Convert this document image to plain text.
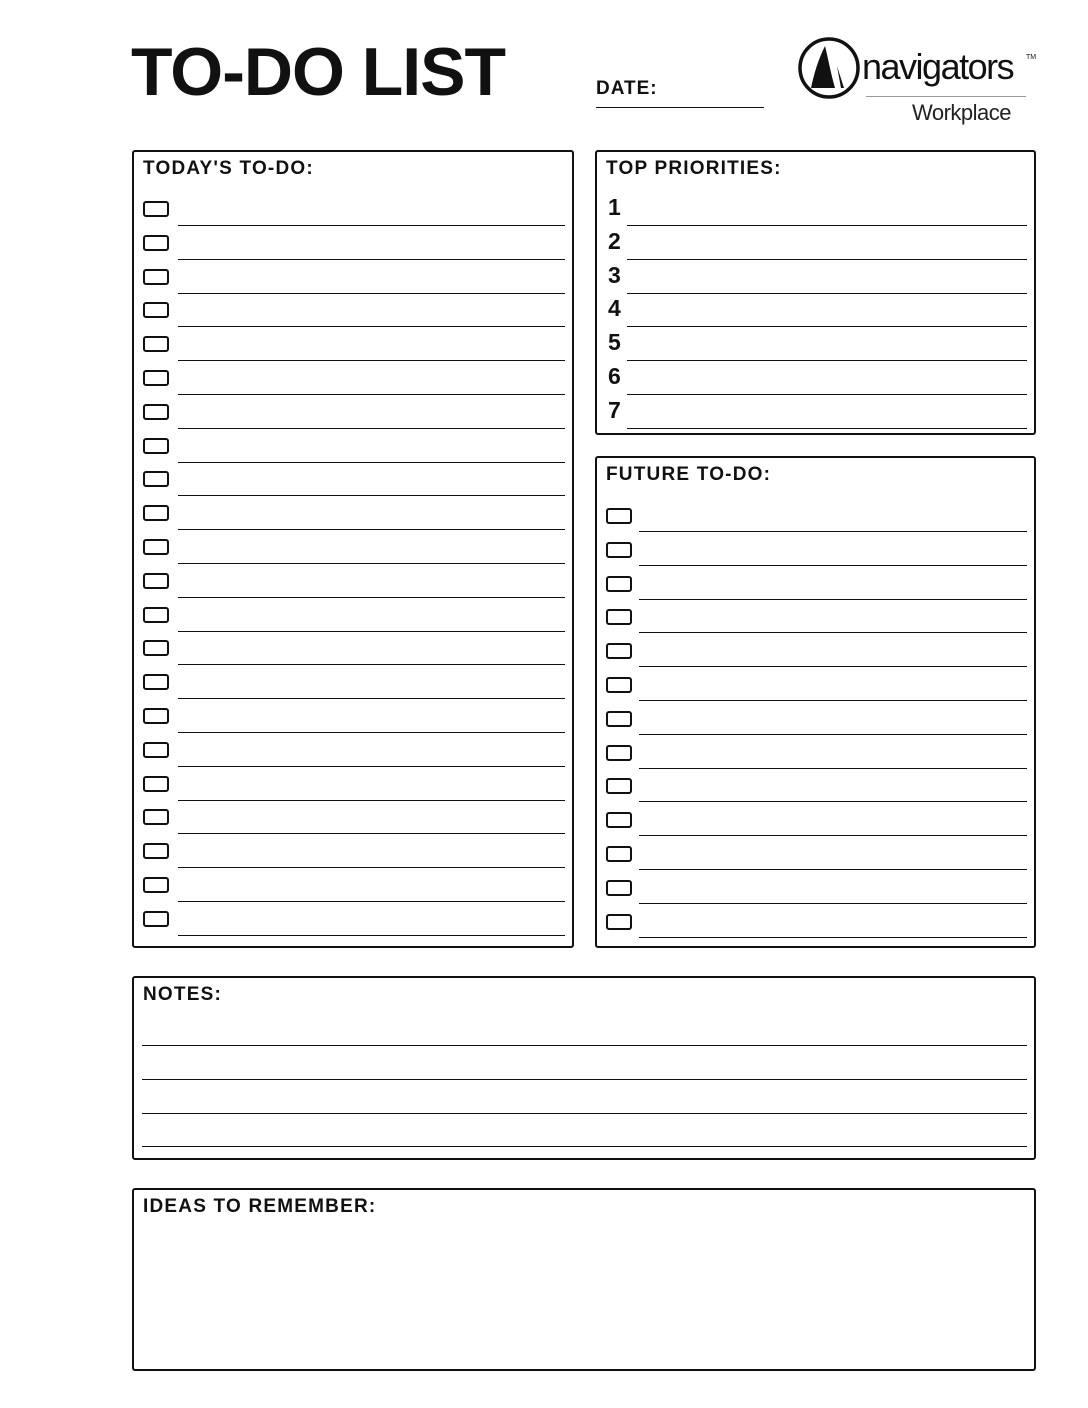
TO-DO LIST	DATE:
navigators TM
Workplace
TODAY'S TO-DO:	TOP PRIORITIES:
1
2
3
4
5
6
7
FUTURE TO-DO:
NOTES:
IDEAS TO REMEMBER:
